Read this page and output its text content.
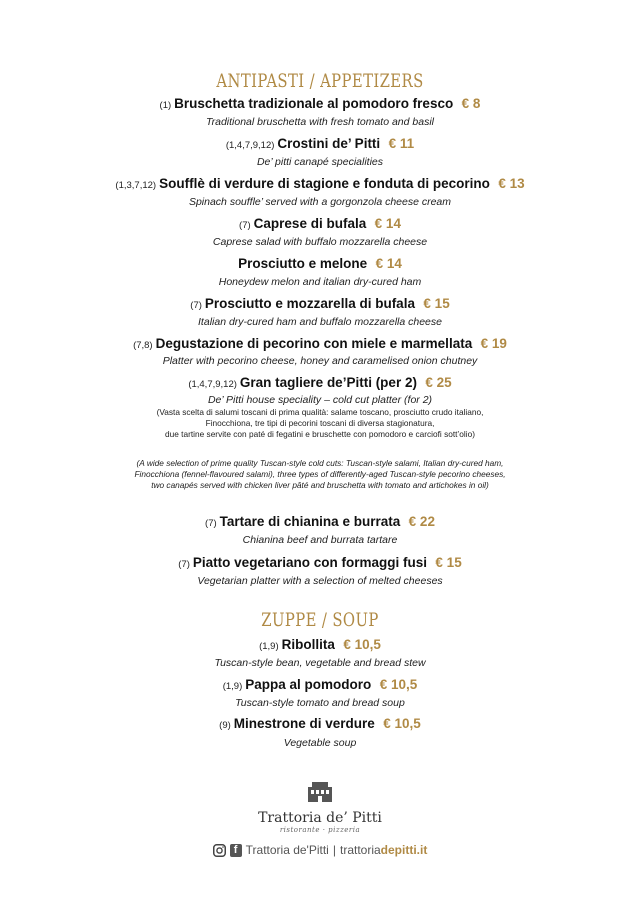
ANTIPASTI / APPETIZERS
(1) Bruschetta tradizionale al pomodoro fresco € 8
Traditional bruschetta with fresh tomato and basil
(1,4,7,9,12) Crostini de’ Pitti € 11
De’ pitti canapé specialities
(1,3,7,12) Soufflè di verdure di stagione e fonduta di pecorino € 13
Spinach souffle’ served with a gorgonzola cheese cream
(7) Caprese di bufala € 14
Caprese salad with buffalo mozzarella cheese
Prosciutto e melone € 14
Honeydew melon and italian dry-cured ham
(7) Prosciutto e mozzarella di bufala € 15
Italian dry-cured ham and buffalo mozzarella cheese
(7,8) Degustazione di pecorino con miele e marmellata € 19
Platter with pecorino cheese, honey and caramelised onion chutney
(1,4,7,9,12) Gran tagliere de’Pitti (per 2) € 25
De’ Pitti house speciality – cold cut platter (for 2)
(Vasta scelta di salumi toscani di prima qualità: salame toscano, prosciutto crudo italiano,
Finocchiona, tre tipi di pecorini toscani di diversa stagionatura,
due tartine servite con paté di fegatini e bruschette con pomodoro e carciofi sott’olio)
(A wide selection of prime quality Tuscan-style cold cuts: Tuscan-style salami, Italian dry-cured ham,
Finocchiona (fennel-flavoured salami), three types of differently-aged Tuscan-style pecorino cheeses,
two canapés served with chicken liver pâté and bruschetta with tomato and artichokes in oil)
(7) Tartare di chianina e burrata € 22
Chianina beef and burrata tartare
(7) Piatto vegetariano con formaggi fusi € 15
Vegetarian platter with a selection of melted cheeses
ZUPPE / SOUP
(1,9) Ribollita € 10,5
Tuscan-style bean, vegetable and bread stew
(1,9) Pappa al pomodoro € 10,5
Tuscan-style tomato and bread soup
(9) Minestrone di verdure € 10,5
Vegetable soup
Trattoria de’ Pitti
ristorante · pizzeria
f Trattoria de'Pitti | trattoriadepitti.it
